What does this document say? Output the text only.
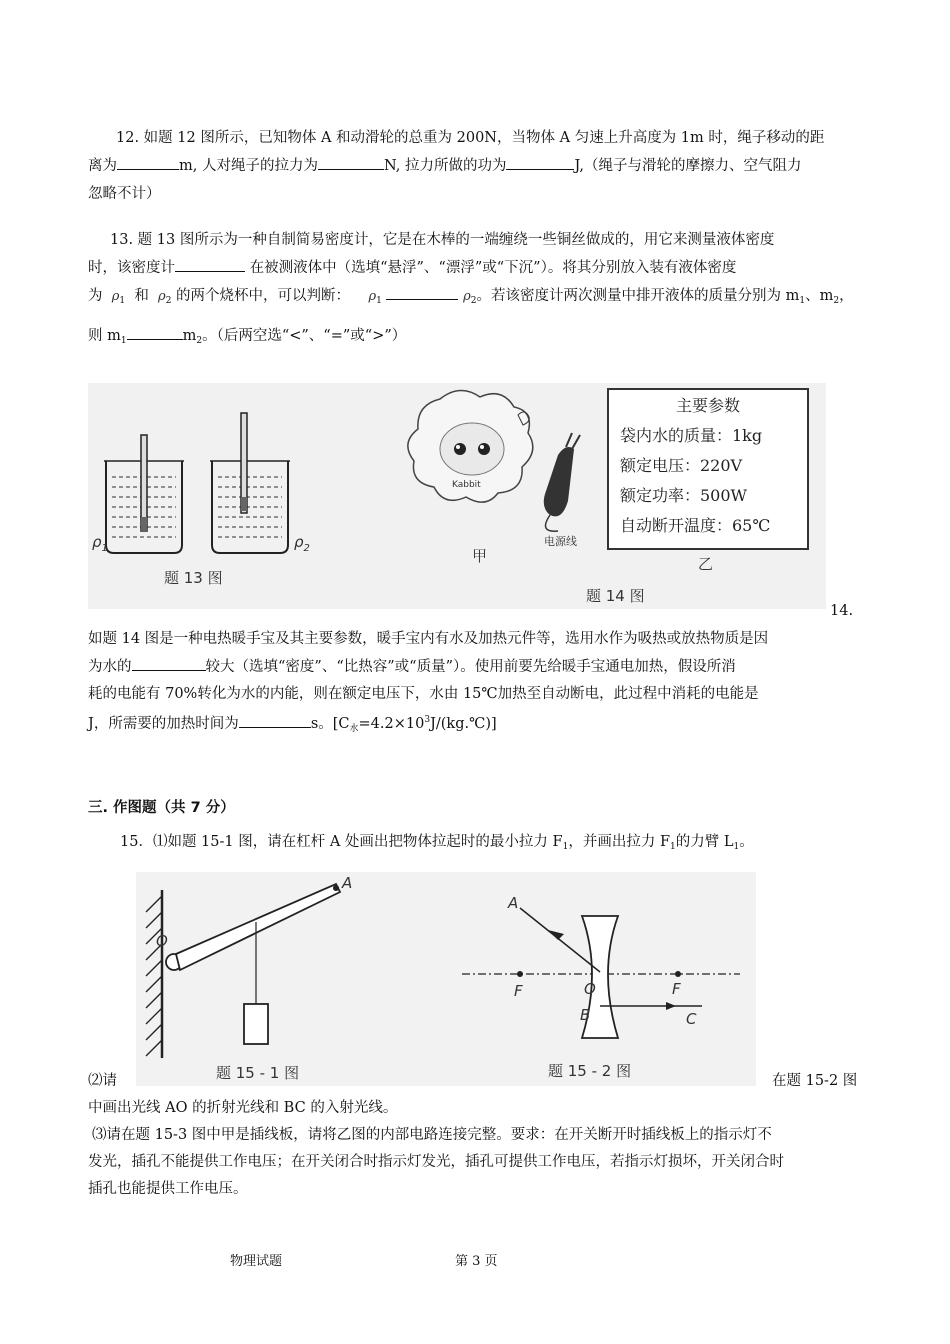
12. 如题 12 图所示，已知物体 A 和动滑轮的总重为 200N，当物体 A 匀速上升高度为 1m 时，绳子移动的距

离为	m, 人对绳子的拉力为	N, 拉力所做的功为	J,（绳子与滑轮的摩擦力、空气阻力

忽略不计）

13. 题 13 图所示为一种自制简易密度计，它是在木棒的一端缠绕一些铜丝做成的，用它来测量液体密度

时，该密度计	在被测液体中（选填“悬浮”、“漂浮”或“下沉”）。将其分别放入装有液体密度

为 $\rho_1$ 和 $\rho_2$ 的两个烧杯中，可以判断： $\rho_1$	$\rho_2$。若该密度计两次测量中排开液体的质量分别为 $m_1$、$m_2$，

则 $m_1$	$m_2$。（后两空选“<”、“=”或“>”）

$\rho_1$	$\rho_2$
题 13 图
Kabbit
电源线
甲
题 14 图
主要参数
袋内水的质量：1kg
额定电压：220V
额定功率：500W
自动断开温度：65℃
乙

14.

如题 14 图是一种电热暖手宝及其主要参数，暖手宝内有水及加热元件等，选用水作为吸热或放热物质是因

为水的	较大（选填“密度”、“比热容”或“质量”）。使用前要先给暖手宝通电加热，假设所消

耗的电能有 70%转化为水的内能，则在额定电压下，水由 15℃加热至自动断电，此过程中消耗的电能是

J，所需要的加热时间为	s。$[C_水=4.2\times 10^3J/(kg.℃)]$

三. 作图题（共 7 分）

15．⑴如题 15-1 图，请在杠杆 A 处画出把物体拉起时的最小拉力 $F_1$，并画出拉力 $F_1$的力臂 $L_1$。

O
A
题 15 - 1 图
A
O
B	C
F	F
题 15 - 2 图

⑵请	在题 15-2 图

中画出光线 AO 的折射光线和 BC 的入射光线。

⑶请在题 15-3 图中甲是插线板，请将乙图的内部电路连接完整。要求：在开关断开时插线板上的指示灯不

发光，插孔不能提供工作电压；在开关闭合时指示灯发光，插孔可提供工作电压，若指示灯损坏，开关闭合时

插孔也能提供工作电压。

物理试题	第 3 页
